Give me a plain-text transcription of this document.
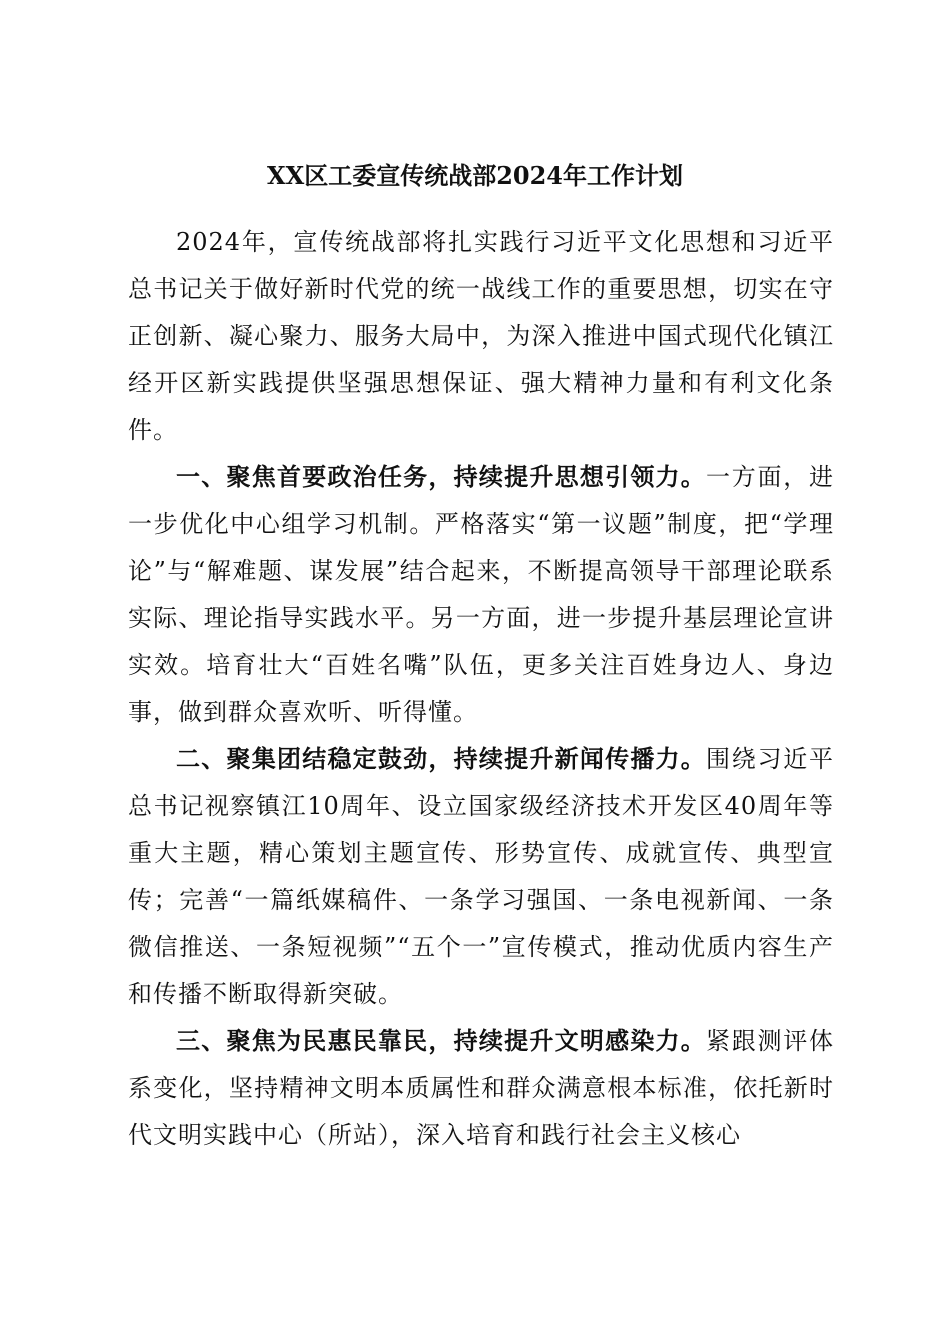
XX区工委宣传统战部2024年工作计划

2024年，宣传统战部将扎实践行习近平文化思想和习近平总书记关于做好新时代党的统一战线工作的重要思想，切实在守正创新、凝心聚力、服务大局中，为深入推进中国式现代化镇江经开区新实践提供坚强思想保证、强大精神力量和有利文化条件。

一、聚焦首要政治任务，持续提升思想引领力。一方面，进一步优化中心组学习机制。严格落实“第一议题”制度，把“学理论”与“解难题、谋发展”结合起来，不断提高领导干部理论联系实际、理论指导实践水平。另一方面，进一步提升基层理论宣讲实效。培育壮大“百姓名嘴”队伍，更多关注百姓身边人、身边事，做到群众喜欢听、听得懂。

二、聚集团结稳定鼓劲，持续提升新闻传播力。围绕习近平总书记视察镇江10周年、设立国家级经济技术开发区40周年等重大主题，精心策划主题宣传、形势宣传、成就宣传、典型宣传；完善“一篇纸媒稿件、一条学习强国、一条电视新闻、一条微信推送、一条短视频”“五个一”宣传模式，推动优质内容生产和传播不断取得新突破。

三、聚焦为民惠民靠民，持续提升文明感染力。紧跟测评体系变化，坚持精神文明本质属性和群众满意根本标准，依托新时代文明实践中心（所站），深入培育和践行社会主义核心
